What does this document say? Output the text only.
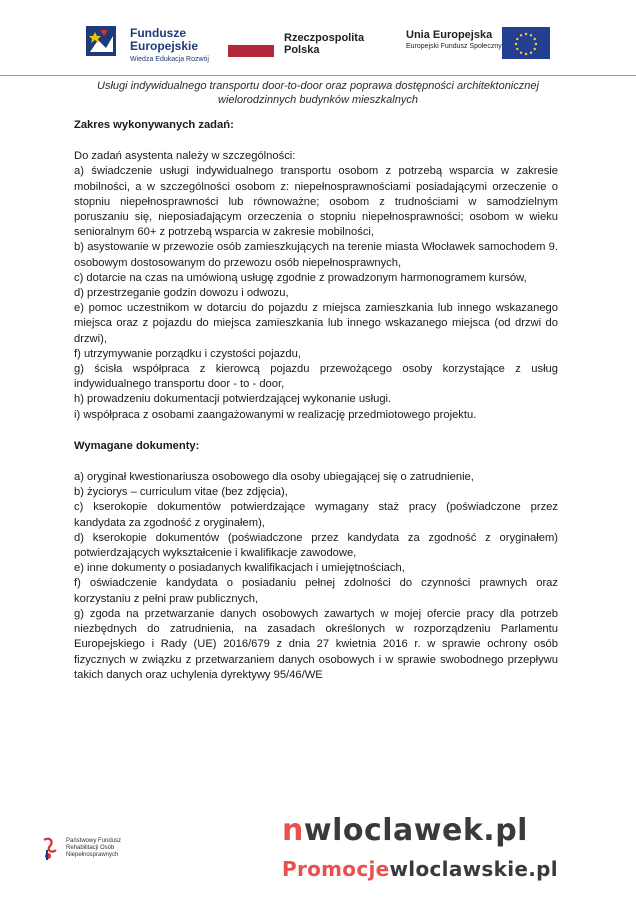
Fundusze
Europejskie
Wiedza Edukacja Rozwój
Rzeczpospolita
Polska
Unia Europejska
Europejski Fundusz Społeczny
Usługi indywidualnego transportu door-to-door oraz poprawa dostępności architektonicznej
wielorodzinnych budynków mieszkalnych

Zakres wykonywanych zadań:

Do zadań asystenta należy w szczególności:

a) świadczenie usługi indywidualnego transportu osobom z potrzebą wsparcia w zakresie mobilności, a w szczególności osobom z: niepełnosprawnościami posiadającymi orzeczenie o stopniu niepełnosprawności lub równoważne; osobom z trudnościami w samodzielnym poruszaniu się, nieposiadającym orzeczenia o stopniu niepełnosprawności; osobom w wieku senioralnym 60+ z potrzebą wsparcia w zakresie mobilności,

b) asystowanie w przewozie osób zamieszkujących na terenie miasta Włocławek samochodem 9. osobowym dostosowanym do przewozu osób niepełnosprawnych,

c) dotarcie na czas na umówioną usługę zgodnie z prowadzonym harmonogramem kursów,

d) przestrzeganie godzin dowozu i odwozu,

e) pomoc uczestnikom w dotarciu do pojazdu z miejsca zamieszkania lub innego wskazanego miejsca oraz z pojazdu do miejsca zamieszkania lub innego wskazanego miejsca (od drzwi do drzwi),

f) utrzymywanie porządku i czystości pojazdu,

g) ścisła współpraca z kierowcą pojazdu przewożącego osoby korzystające z usług indywidualnego transportu door - to - door,

h) prowadzeniu dokumentacji potwierdzającej wykonanie usługi.

i) współpraca z osobami zaangażowanymi w realizację przedmiotowego projektu.

Wymagane dokumenty:

a) oryginał kwestionariusza osobowego dla osoby ubiegającej się o zatrudnienie,

b) życiorys – curriculum vitae (bez zdjęcia),

c) kserokopie dokumentów potwierdzające wymagany staż pracy (poświadczone przez kandydata za zgodność z oryginałem),

d) kserokopie dokumentów (poświadczone przez kandydata za zgodność z oryginałem) potwierdzających wykształcenie i kwalifikacje zawodowe,

e) inne dokumenty o posiadanych kwalifikacjach i umiejętnościach,

f) oświadczenie kandydata o posiadaniu pełnej zdolności do czynności prawnych oraz korzystaniu z pełni praw publicznych,

g) zgoda na przetwarzanie danych osobowych zawartych w mojej ofercie pracy dla potrzeb niezbędnych do zatrudnienia, na zasadach określonych w rozporządzeniu Parlamentu Europejskiego i Rady (UE) 2016/679 z dnia 27 kwietnia 2016 r. w sprawie ochrony osób fizycznych w związku z przetwarzaniem danych osobowych i w sprawie swobodnego przepływu takich danych oraz uchylenia dyrektywy 95/46/WE

Państwowy Fundusz
Rehabilitacji Osób
Niepełnosprawnych
nwloclawek.pl
Promocjewloclawskie.pl
